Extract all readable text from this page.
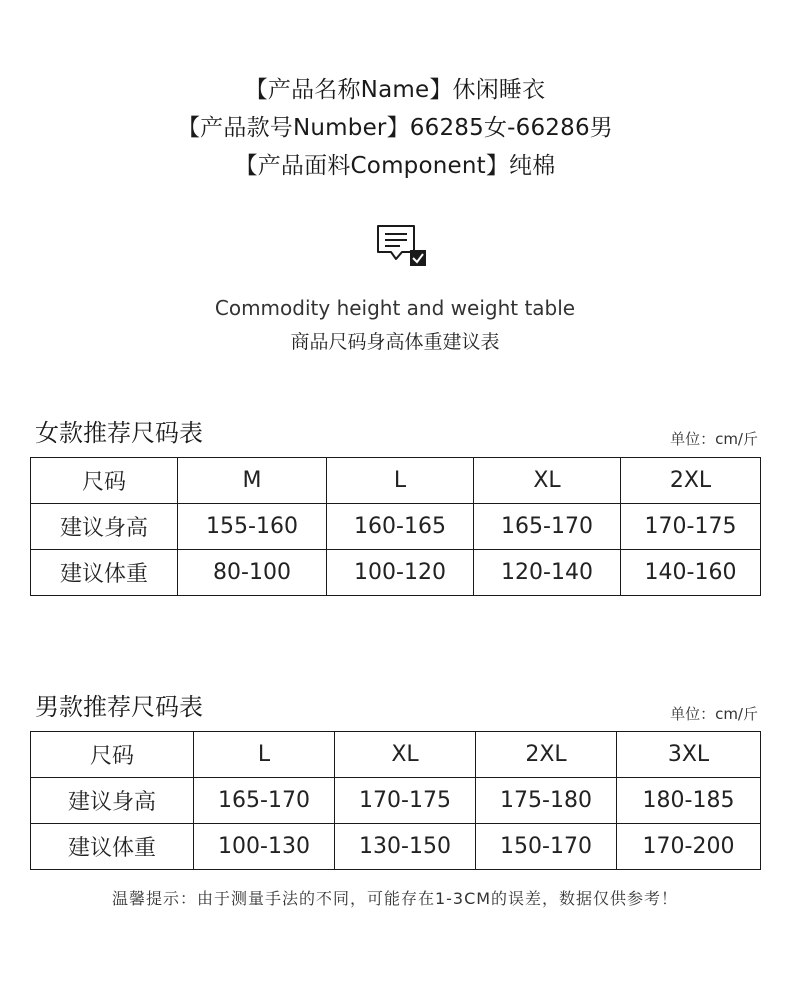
【产品名称Name】休闲睡衣
【产品款号Number】66285女-66286男
【产品面料Component】纯棉
Commodity height and weight table
商品尺码身高体重建议表
女款推荐尺码表	单位：cm/斤
尺码	M	L	XL	2XL
建议身高	155-160	160-165	165-170	170-175
建议体重	80-100	100-120	120-140	140-160
男款推荐尺码表	单位：cm/斤
尺码	L	XL	2XL	3XL
建议身高	165-170	170-175	175-180	180-185
建议体重	100-130	130-150	150-170	170-200
温馨提示：由于测量手法的不同，可能存在1-3CM的误差，数据仅供参考！
